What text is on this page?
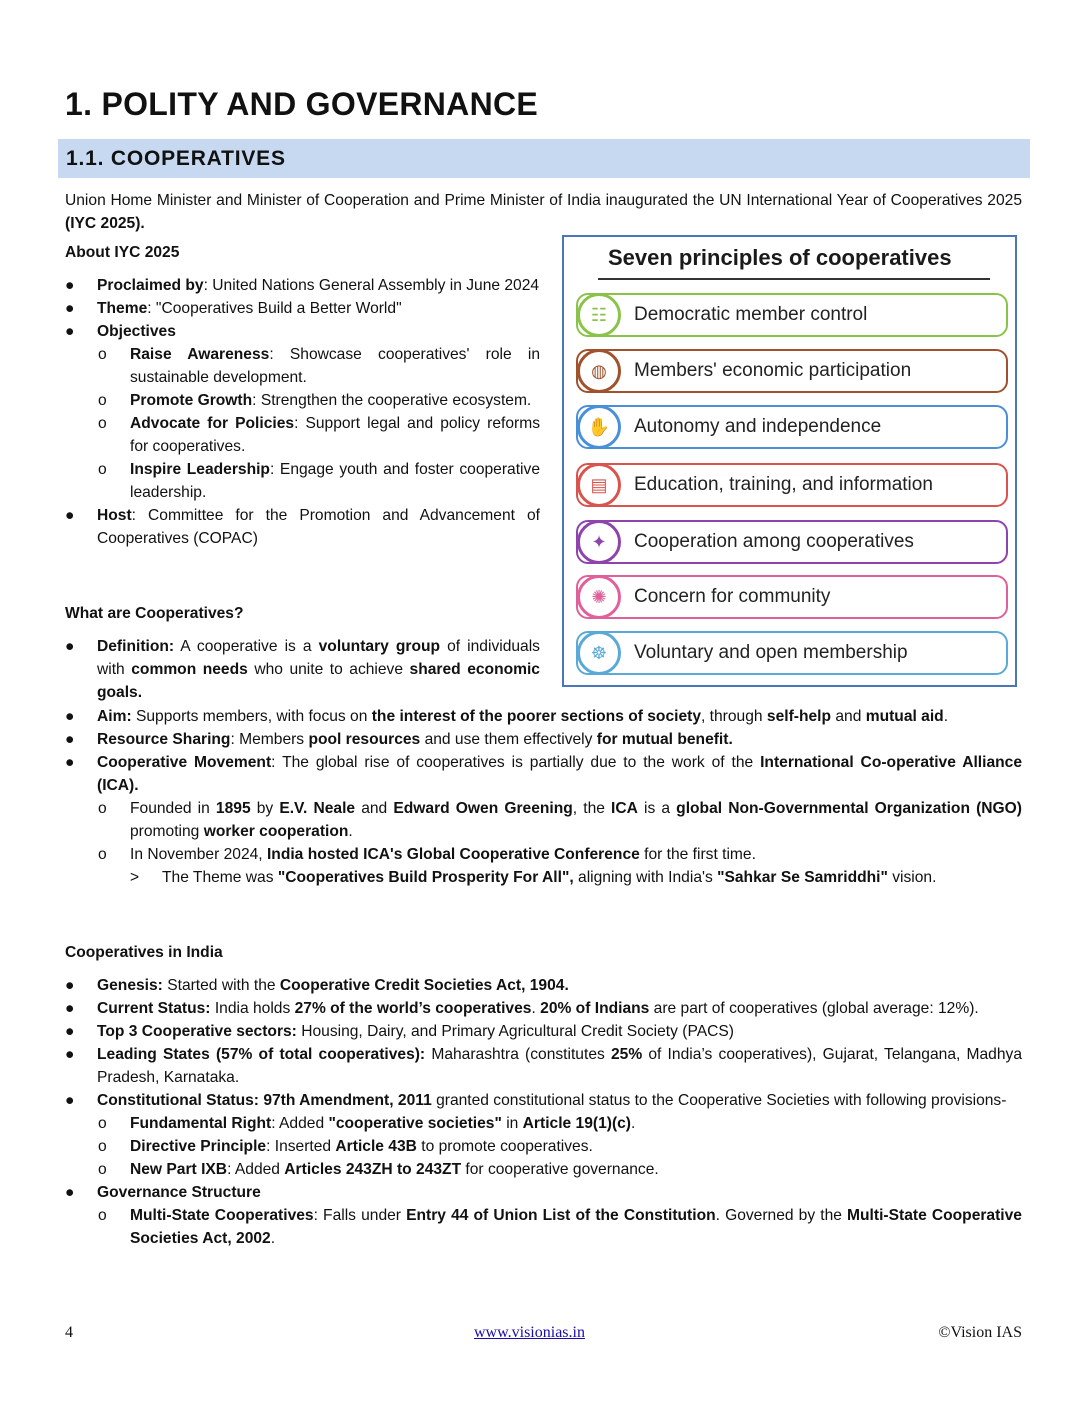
1. POLITY AND GOVERNANCE
1.1. COOPERATIVES
Union Home Minister and Minister of Cooperation and Prime Minister of India inaugurated the UN International Year of Cooperatives 2025 (IYC 2025).
About IYC 2025
● Proclaimed by: United Nations General Assembly in June 2024
● Theme: "Cooperatives Build a Better World"
● Objectives
o Raise Awareness: Showcase cooperatives' role in sustainable development.
o Promote Growth: Strengthen the cooperative ecosystem.
o Advocate for Policies: Support legal and policy reforms for cooperatives.
o Inspire Leadership: Engage youth and foster cooperative leadership.
● Host: Committee for the Promotion and Advancement of Cooperatives (COPAC)
What are Cooperatives?
● Definition: A cooperative is a voluntary group of individuals with common needs who unite to achieve shared economic goals.
● Aim: Supports members, with focus on the interest of the poorer sections of society, through self-help and mutual aid.
● Resource Sharing: Members pool resources and use them effectively for mutual benefit.
● Cooperative Movement: The global rise of cooperatives is partially due to the work of the International Co-operative Alliance (ICA).
o Founded in 1895 by E.V. Neale and Edward Owen Greening, the ICA is a global Non-Governmental Organization (NGO) promoting worker cooperation.
o In November 2024, India hosted ICA's Global Cooperative Conference for the first time.
> The Theme was "Cooperatives Build Prosperity For All", aligning with India's "Sahkar Se Samriddhi" vision.
Cooperatives in India
● Genesis: Started with the Cooperative Credit Societies Act, 1904.
● Current Status: India holds 27% of the world’s cooperatives. 20% of Indians are part of cooperatives (global average: 12%).
● Top 3 Cooperative sectors: Housing, Dairy, and Primary Agricultural Credit Society (PACS)
● Leading States (57% of total cooperatives): Maharashtra (constitutes 25% of India’s cooperatives), Gujarat, Telangana, Madhya Pradesh, Karnataka.
● Constitutional Status: 97th Amendment, 2011 granted constitutional status to the Cooperative Societies with following provisions-
o Fundamental Right: Added "cooperative societies" in Article 19(1)(c).
o Directive Principle: Inserted Article 43B to promote cooperatives.
o New Part IXB: Added Articles 243ZH to 243ZT for cooperative governance.
● Governance Structure
o Multi-State Cooperatives: Falls under Entry 44 of Union List of the Constitution. Governed by the Multi-State Cooperative Societies Act, 2002.
Seven principles of cooperatives
☷	Democratic member control
◍	Members' economic participation
✋	Autonomy and independence
▤	Education, training, and information
✦	Cooperation among cooperatives
✺	Concern for community
☸	Voluntary and open membership
4	www.visionias.in	©Vision IAS
